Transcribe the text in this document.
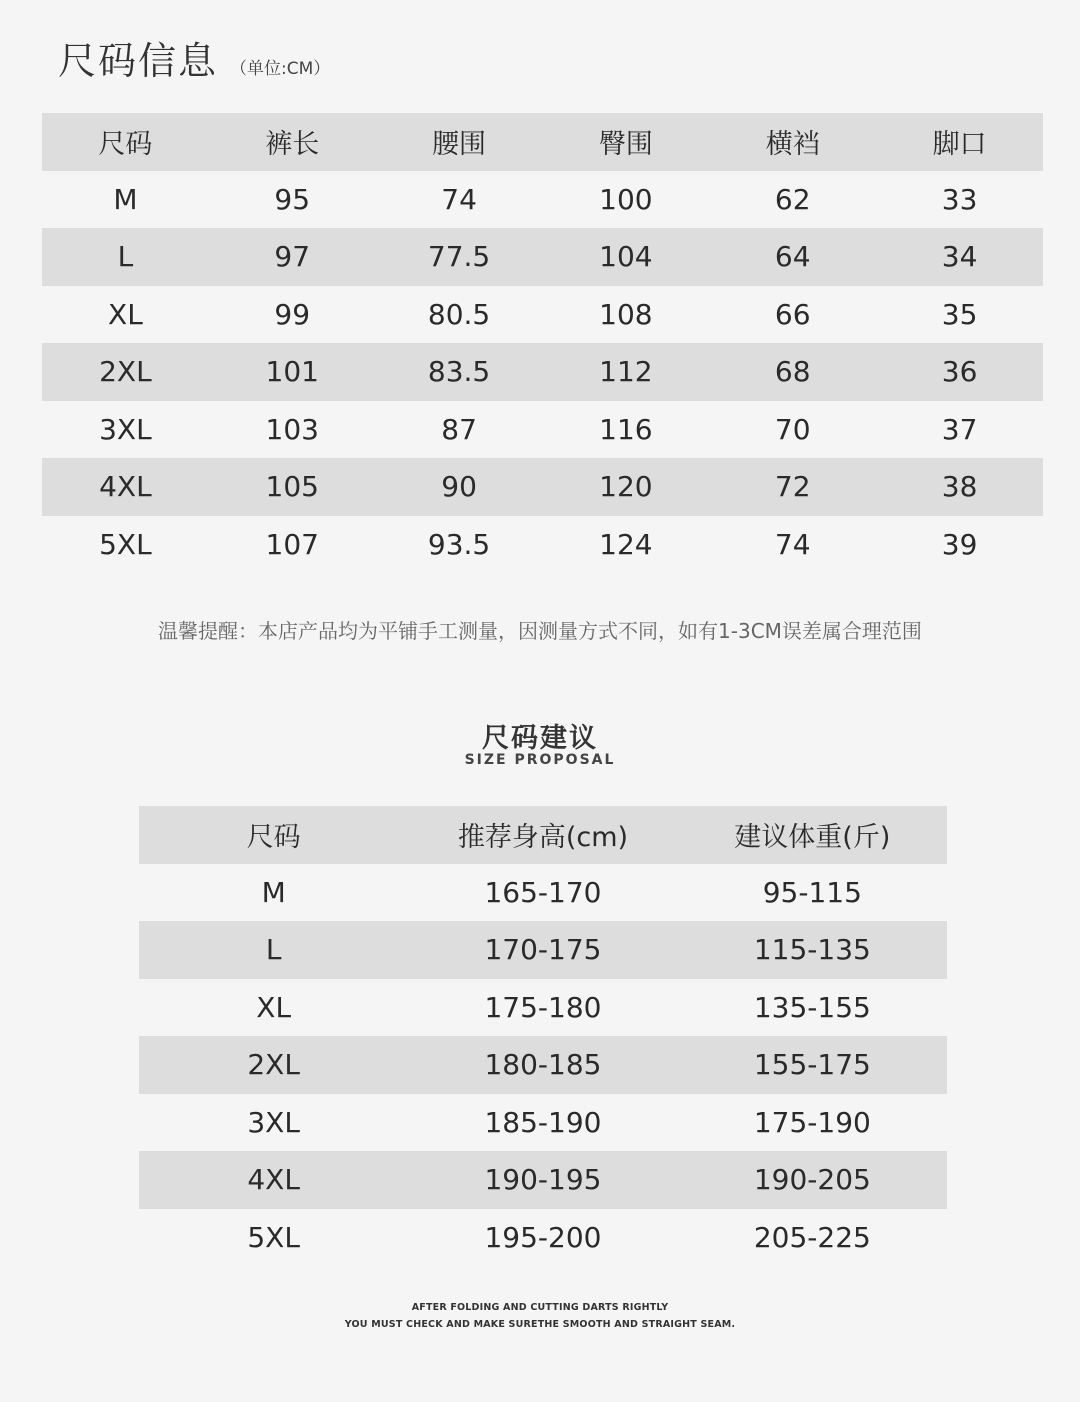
尺码信息 （单位:CM）
尺码	裤长	腰围	臀围	横裆	脚口
M	95	74	100	62	33
L	97	77.5	104	64	34
XL	99	80.5	108	66	35
2XL	101	83.5	112	68	36
3XL	103	87	116	70	37
4XL	105	90	120	72	38
5XL	107	93.5	124	74	39
温馨提醒：本店产品均为平铺手工测量，因测量方式不同，如有1-3CM误差属合理范围
尺码建议
SIZE PROPOSAL
尺码	推荐身高(cm)	建议体重(斤)
M	165-170	95-115
L	170-175	115-135
XL	175-180	135-155
2XL	180-185	155-175
3XL	185-190	175-190
4XL	190-195	190-205
5XL	195-200	205-225
AFTER FOLDING AND CUTTING DARTS RIGHTLY
YOU MUST CHECK AND MAKE SURETHE SMOOTH AND STRAIGHT SEAM.
